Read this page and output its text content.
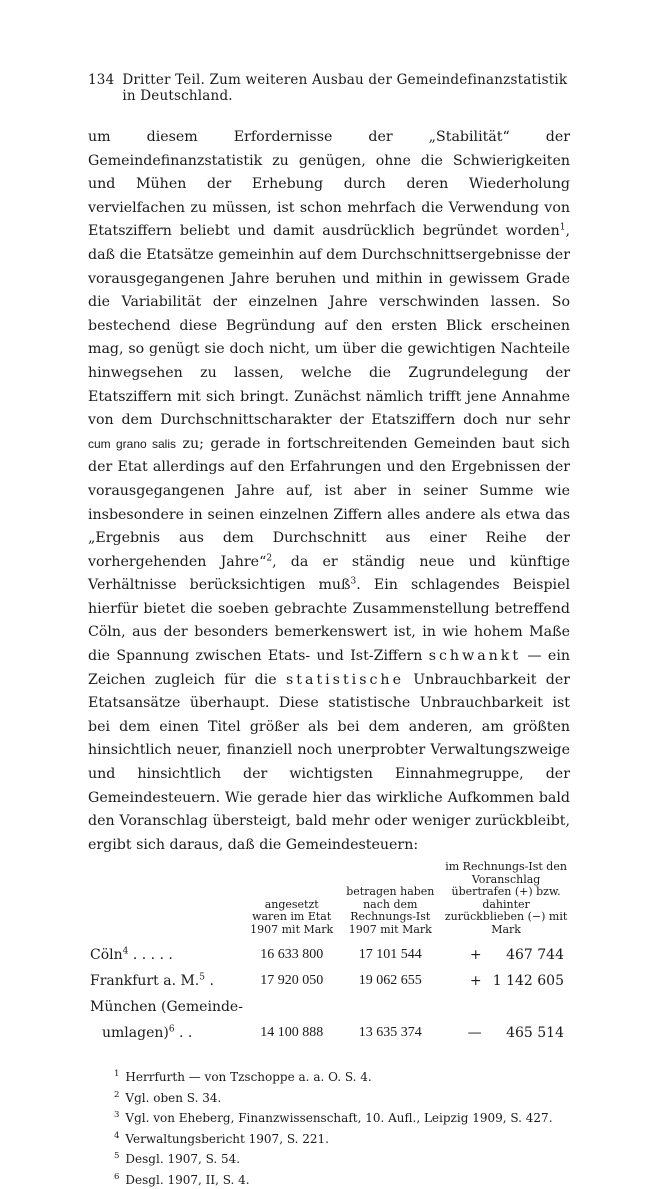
134 Dritter Teil. Zum weiteren Ausbau der Gemeindefinanzstatistik in Deutschland.

um diesem Erfordernisse der „Stabilität“ der Gemeindefinanzstatistik zu genügen, ohne die Schwierigkeiten und Mühen der Erhebung durch deren Wiederholung vervielfachen zu müssen, ist schon mehrfach die Verwendung von Etatsziffern beliebt und damit ausdrücklich begründet worden$^1$, daß die Etatsätze gemeinhin auf dem Durchschnittsergebnisse der vorausgegangenen Jahre beruhen und mithin in gewissem Grade die Variabilität der einzelnen Jahre verschwinden lassen. So bestechend diese Begründung auf den ersten Blick erscheinen mag, so genügt sie doch nicht, um über die gewichtigen Nachteile hinwegsehen zu lassen, welche die Zugrundelegung der Etatsziffern mit sich bringt. Zunächst nämlich trifft jene Annahme von dem Durchschnittscharakter der Etatsziffern doch nur sehr cum grano salis zu; gerade in fortschreitenden Gemeinden baut sich der Etat allerdings auf den Erfahrungen und den Ergebnissen der vorausgegangenen Jahre auf, ist aber in seiner Summe wie insbesondere in seinen einzelnen Ziffern alles andere als etwa das „Ergebnis aus dem Durchschnitt aus einer Reihe der vorhergehenden Jahre“$^2$, da er ständig neue und künftige Verhältnisse berücksichtigen muß$^3$. Ein schlagendes Beispiel hierfür bietet die soeben gebrachte Zusammenstellung betreffend Cöln, aus der besonders bemerkenswert ist, in wie hohem Maße die Spannung zwischen Etats- und Ist-Ziffern schwankt — ein Zeichen zugleich für die statistische Unbrauchbarkeit der Etatsansätze überhaupt. Diese statistische Unbrauchbarkeit ist bei dem einen Titel größer als bei dem anderen, am größten hinsichtlich neuer, finanziell noch unerprobter Verwaltungszweige und hinsichtlich der wichtigsten Einnahmegruppe, der Gemeindesteuern. Wie gerade hier das wirkliche Aufkommen bald den Voranschlag übersteigt, bald mehr oder weniger zurückbleibt, ergibt sich daraus, daß die Gemeindesteuern:

	angesetzt waren im Etat 1907 mit Mark	betragen haben nach dem Rechnungs-Ist 1907 mit Mark	im Rechnungs-Ist den Voranschlag übertrafen (+) bzw. dahinter zurückblieben (−) mit Mark	
Cöln$^4$ . . . . .	16 633 800	17 101 544	+	467 744
Frankfurt a. M.$^5$ .	17 920 050	19 062 655	+	1 142 605
München (Gemeinde-				
umlagen)$^6$ . .	14 100 888	13 635 374	—	465 514
$^1$ Herrfurth — von Tzschoppe a. a. O. S. 4.
$^2$ Vgl. oben S. 34.
$^3$ Vgl. von Eheberg, Finanzwissenschaft, 10. Aufl., Leipzig 1909, S. 427.
$^4$ Verwaltungsbericht 1907, S. 221.
$^5$ Desgl. 1907, S. 54.
$^6$ Desgl. 1907, II, S. 4.
